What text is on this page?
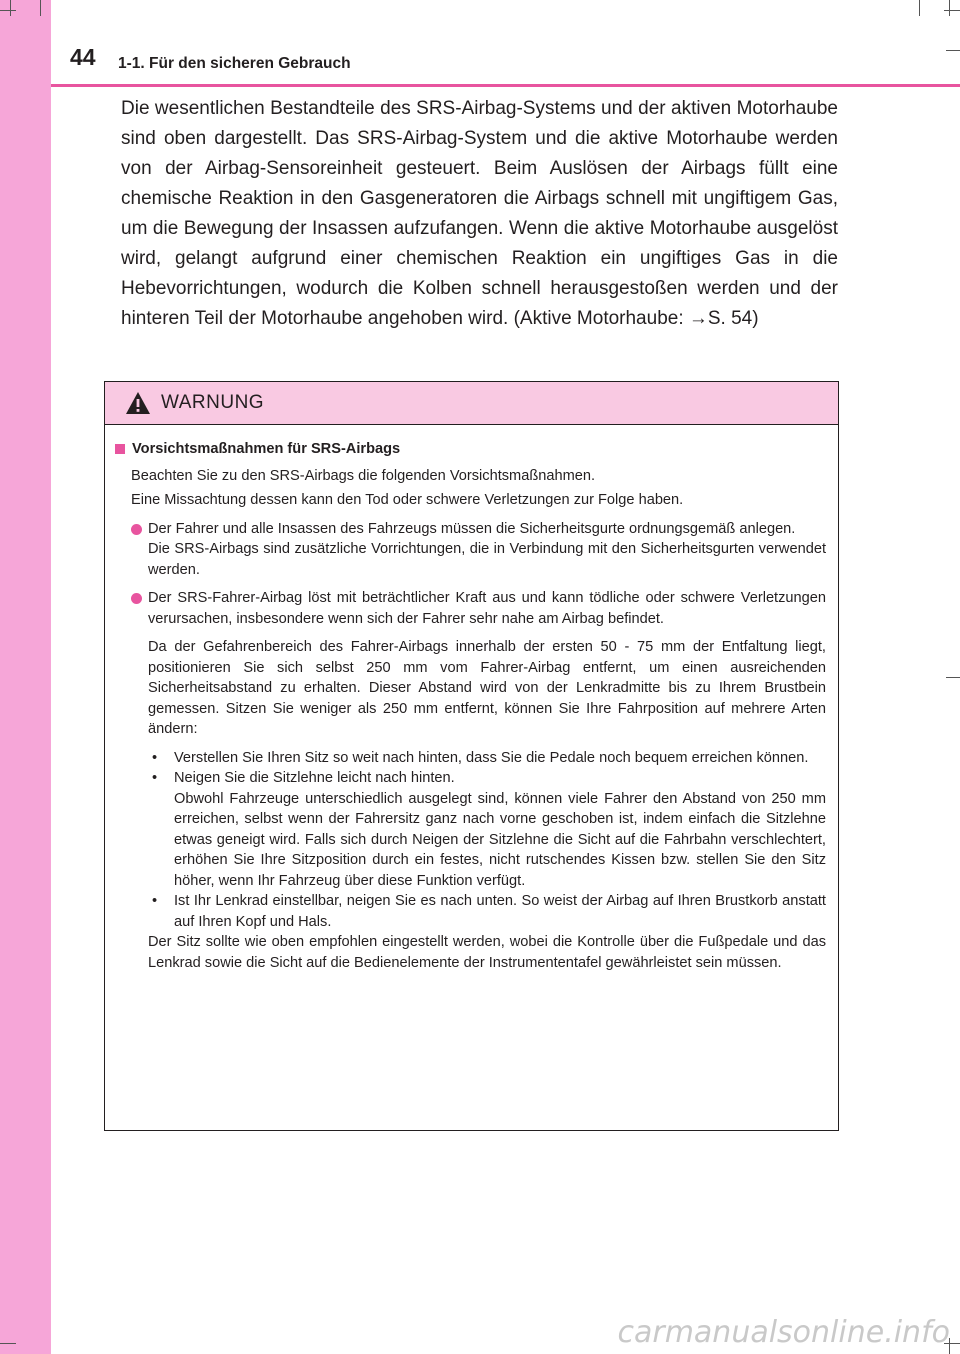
44 1-1. Für den sicheren Gebrauch

Die wesentlichen Bestandteile des SRS-Airbag-Systems und der aktiven Motorhaube sind oben dargestellt. Das SRS-Airbag-System und die aktive Motorhaube werden von der Airbag-Sensoreinheit gesteuert. Beim Auslösen der Airbags füllt eine chemische Reaktion in den Gasgeneratoren die Airbags schnell mit ungiftigem Gas, um die Bewegung der Insassen aufzufangen. Wenn die aktive Motorhaube ausgelöst wird, gelangt aufgrund einer chemischen Reaktion ein ungiftiges Gas in die Hebevorrichtungen, wodurch die Kolben schnell herausgestoßen werden und der hinteren Teil der Motorhaube angehoben wird. (Aktive Motorhaube: →S. 54)

WARNUNG
Vorsichtsmaßnahmen für SRS-Airbags
Beachten Sie zu den SRS-Airbags die folgenden Vorsichtsmaßnahmen.
Eine Missachtung dessen kann den Tod oder schwere Verletzungen zur Folge haben.
Der Fahrer und alle Insassen des Fahrzeugs müssen die Sicherheitsgurte ordnungsgemäß anlegen.
Die SRS-Airbags sind zusätzliche Vorrichtungen, die in Verbindung mit den Sicherheitsgurten verwendet werden.
Der SRS-Fahrer-Airbag löst mit beträchtlicher Kraft aus und kann tödliche oder schwere Verletzungen verursachen, insbesondere wenn sich der Fahrer sehr nahe am Airbag befindet.
Da der Gefahrenbereich des Fahrer-Airbags innerhalb der ersten 50 - 75 mm der Entfaltung liegt, positionieren Sie sich selbst 250 mm vom Fahrer-Airbag entfernt, um einen ausreichenden Sicherheitsabstand zu erhalten. Dieser Abstand wird von der Lenkradmitte bis zu Ihrem Brustbein gemessen. Sitzen Sie weniger als 250 mm entfernt, können Sie Ihre Fahrposition auf mehrere Arten ändern:
•	Verstellen Sie Ihren Sitz so weit nach hinten, dass Sie die Pedale noch bequem erreichen können.
•	Neigen Sie die Sitzlehne leicht nach hinten.
Obwohl Fahrzeuge unterschiedlich ausgelegt sind, können viele Fahrer den Abstand von 250 mm erreichen, selbst wenn der Fahrersitz ganz nach vorne geschoben ist, indem einfach die Sitzlehne etwas geneigt wird. Falls sich durch Neigen der Sitzlehne die Sicht auf die Fahrbahn verschlechtert, erhöhen Sie Ihre Sitzposition durch ein festes, nicht rutschendes Kissen bzw. stellen Sie den Sitz höher, wenn Ihr Fahrzeug über diese Funktion verfügt.
•	Ist Ihr Lenkrad einstellbar, neigen Sie es nach unten. So weist der Airbag auf Ihren Brustkorb anstatt auf Ihren Kopf und Hals.
Der Sitz sollte wie oben empfohlen eingestellt werden, wobei die Kontrolle über die Fußpedale und das Lenkrad sowie die Sicht auf die Bedienelemente der Instrumententafel gewährleistet sein müssen.
carmanualsonline.info
